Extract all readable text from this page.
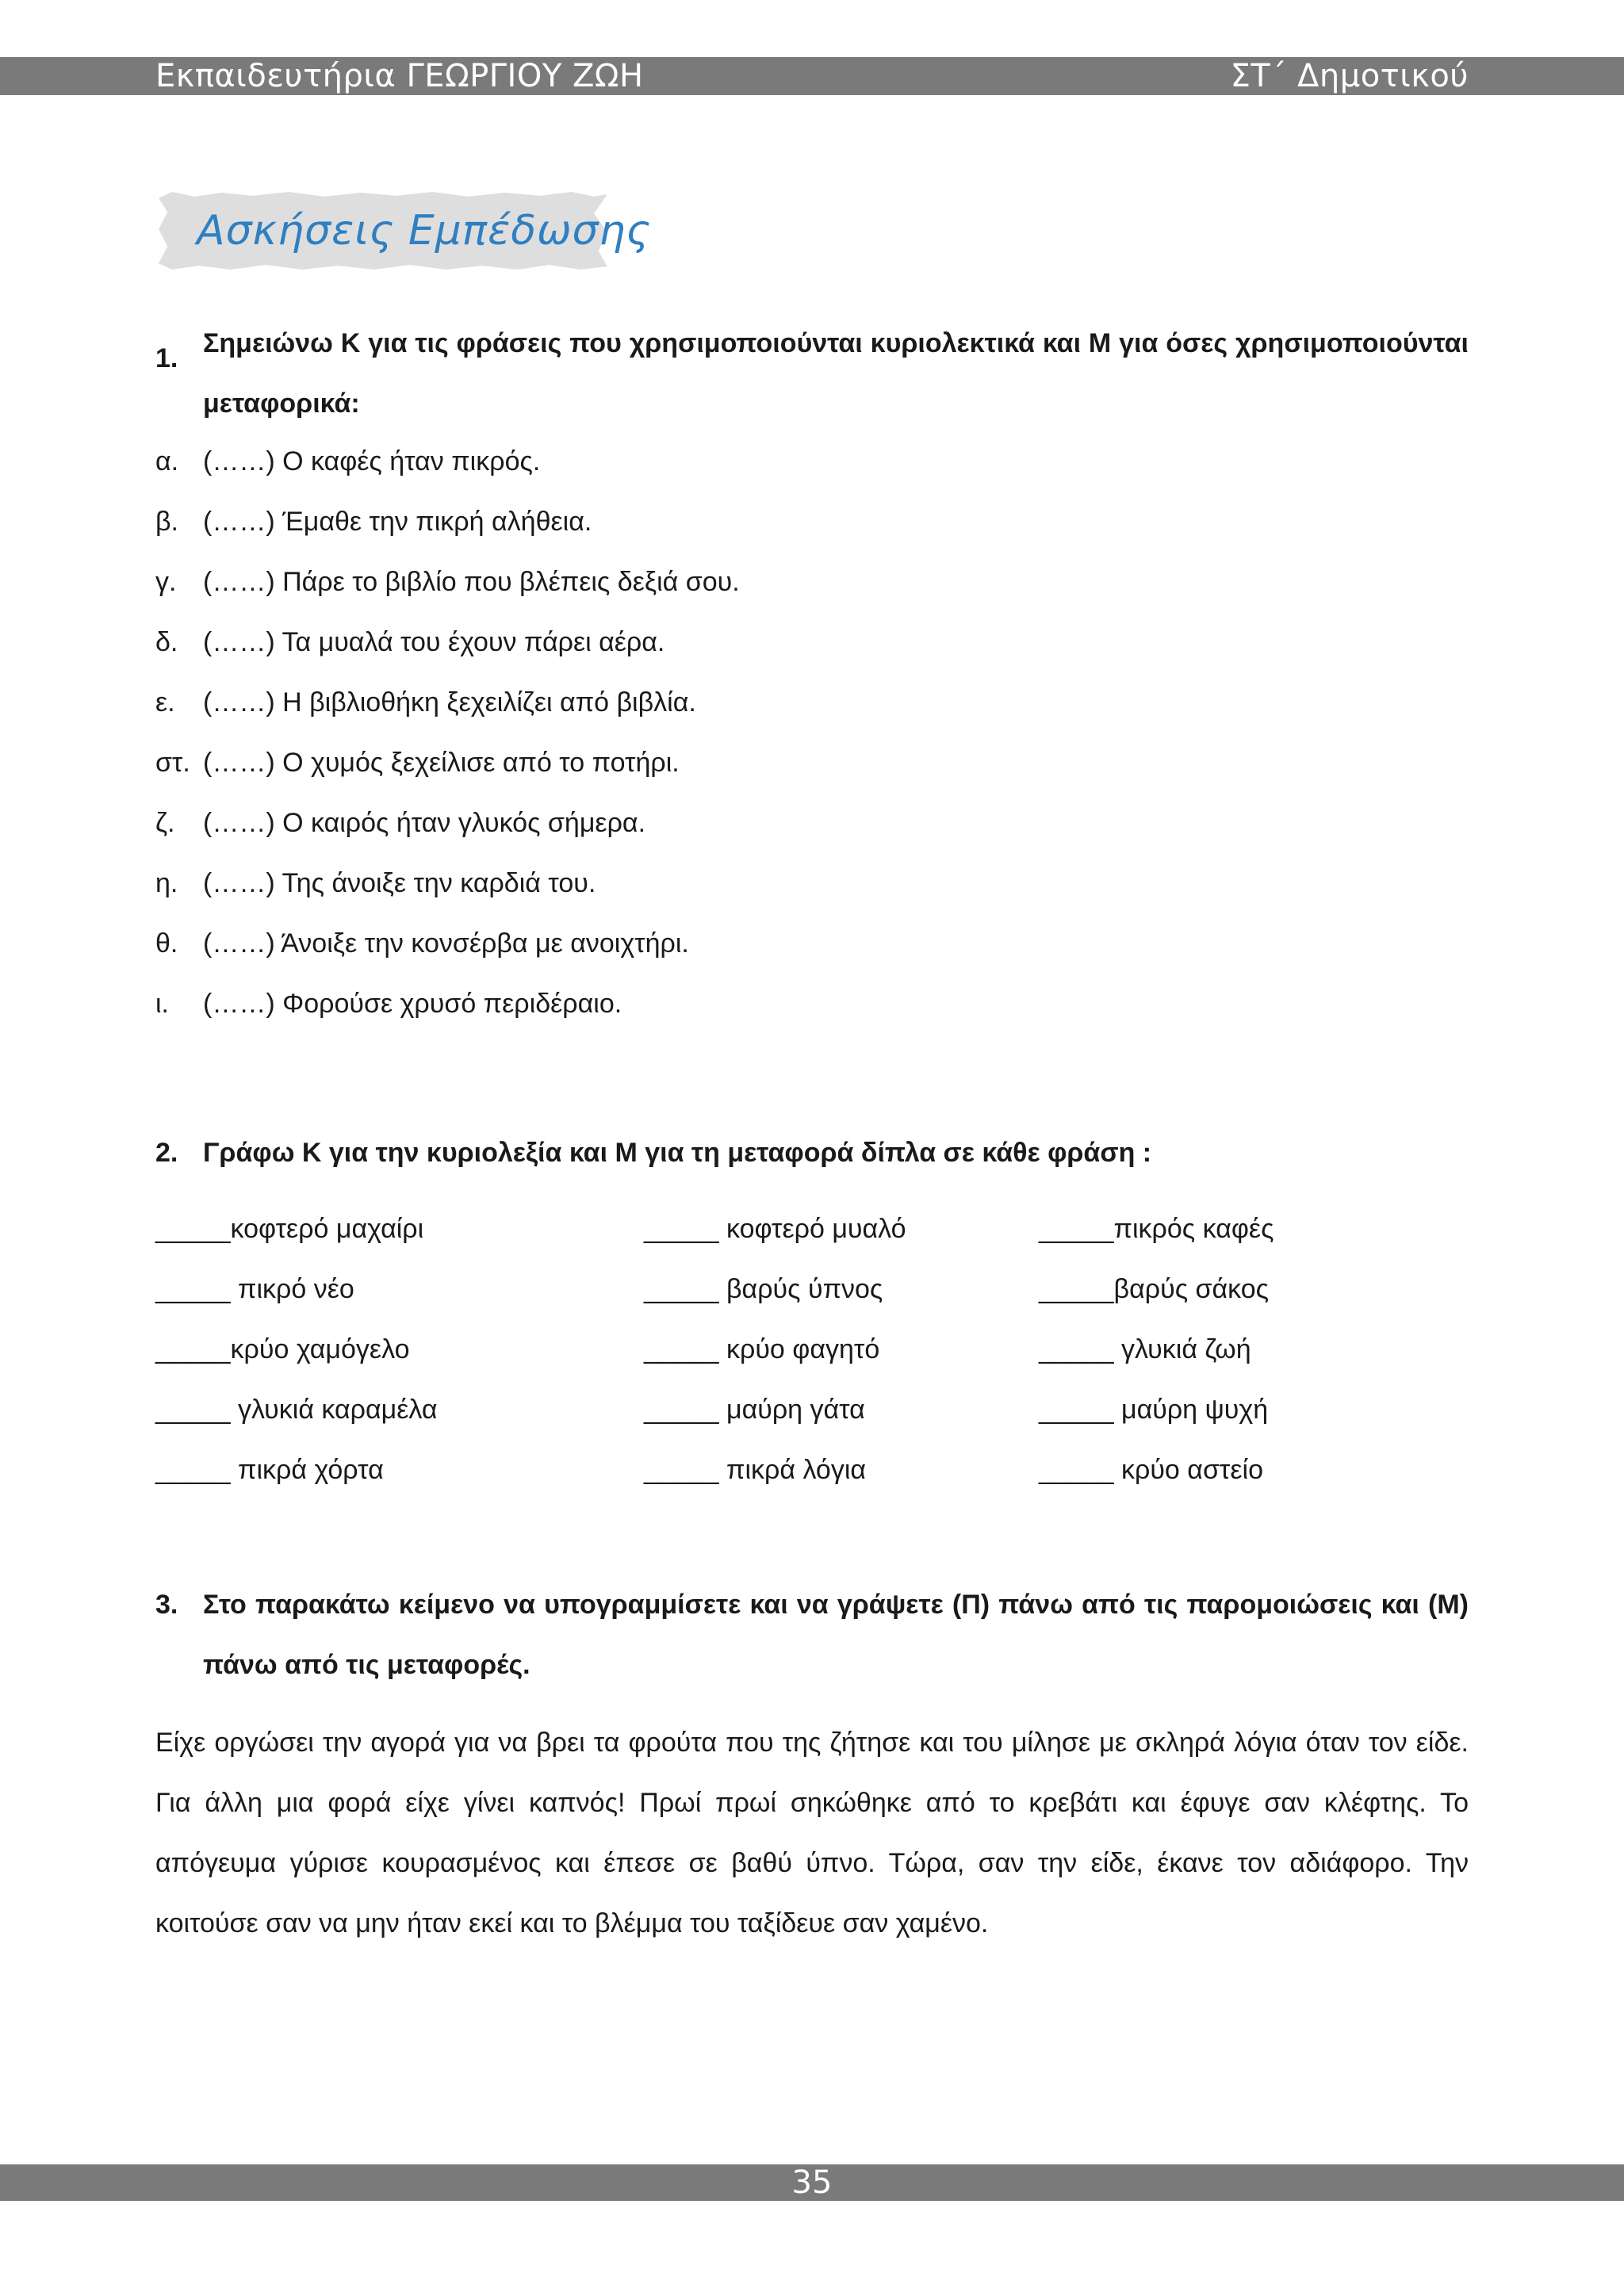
Εκπαιδευτήρια ΓΕΩΡΓΙΟΥ ΖΩΗ	ΣΤ΄ Δημοτικού
Ασκήσεις Εμπέδωσης
1. Σημειώνω Κ για τις φράσεις που χρησιμοποιούνται κυριολεκτικά και Μ για όσες χρησιμοποιούνται μεταφορικά:
α. (……) Ο καφές ήταν πικρός.
β. (……) Έμαθε την πικρή αλήθεια.
γ. (……) Πάρε το βιβλίο που βλέπεις δεξιά σου.
δ. (……) Τα μυαλά του έχουν πάρει αέρα.
ε. (……) Η βιβλιοθήκη ξεχειλίζει από βιβλία.
στ. (……) Ο χυμός ξεχείλισε από το ποτήρι.
ζ. (……) Ο καιρός ήταν γλυκός σήμερα.
η. (……) Της άνοιξε την καρδιά του.
θ. (……) Άνοιξε την κονσέρβα με ανοιχτήρι.
ι. (……) Φορούσε χρυσό περιδέραιο.
2. Γράφω Κ για την κυριολεξία και Μ για τη μεταφορά δίπλα σε κάθε φράση :
_____κοφτερό μαχαίρι	_____ κοφτερό μυαλό	_____πικρός καφές
_____ πικρό νέο	_____ βαρύς ύπνος	_____βαρύς σάκος
_____κρύο χαμόγελο	_____ κρύο φαγητό	_____ γλυκιά ζωή
_____ γλυκιά καραμέλα	_____ μαύρη γάτα	_____ μαύρη ψυχή
_____ πικρά χόρτα	_____ πικρά λόγια	_____ κρύο αστείο
3. Στο παρακάτω κείμενο να υπογραμμίσετε και να γράψετε (Π) πάνω από τις παρομοιώσεις και (Μ) πάνω από τις μεταφορές.
Είχε οργώσει την αγορά για να βρει τα φρούτα που της ζήτησε και του μίλησε με σκληρά λόγια όταν τον είδε. Για άλλη μια φορά είχε γίνει καπνός! Πρωί πρωί σηκώθηκε από το κρεβάτι και έφυγε σαν κλέφτης. Το απόγευμα γύρισε κουρασμένος και έπεσε σε βαθύ ύπνο. Τώρα, σαν την είδε, έκανε τον αδιάφορο. Την κοιτούσε σαν να μην ήταν εκεί και το βλέμμα του ταξίδευε σαν χαμένο.
35
